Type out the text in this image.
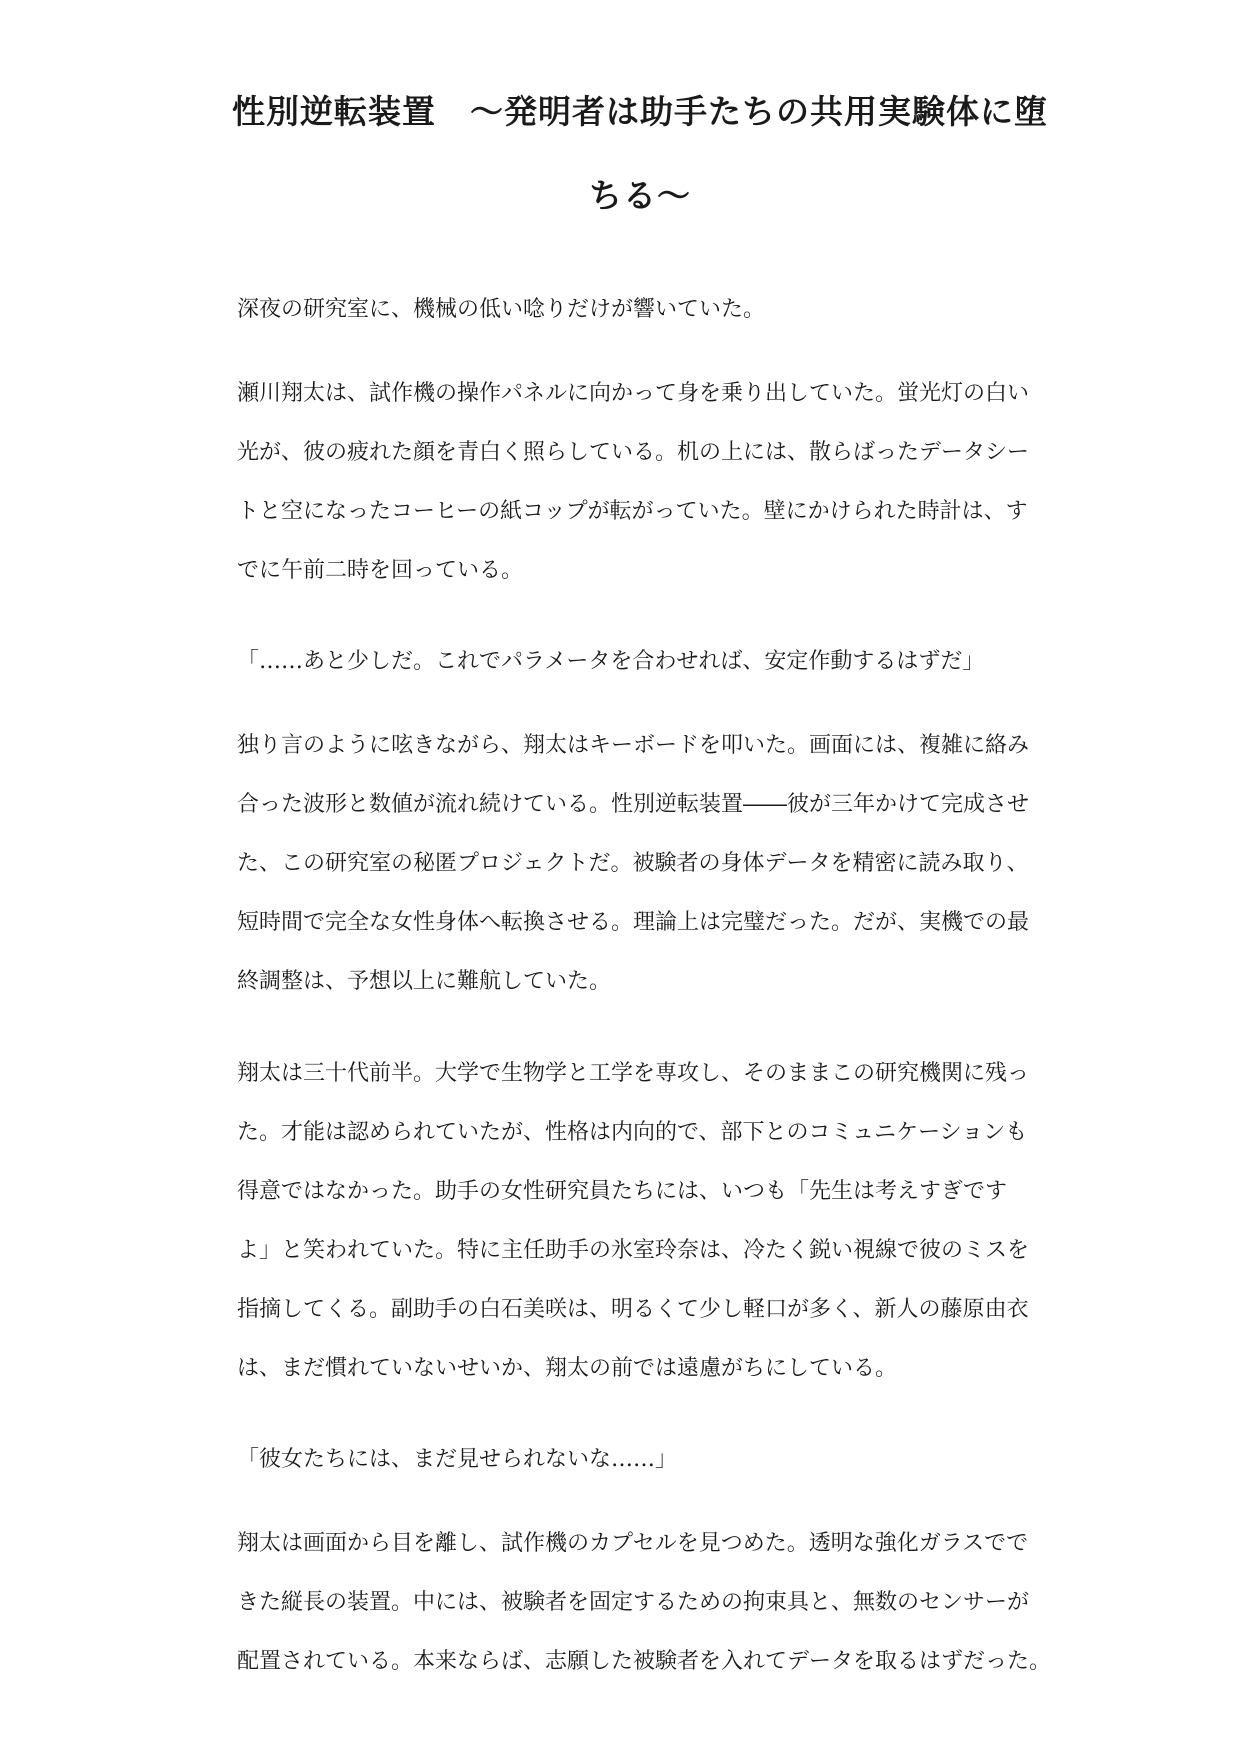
性別逆転装置　～発明者は助手たちの共用実験体に堕
ちる～

深夜の研究室に、機械の低い唸りだけが響いていた。

瀬川翔太は、試作機の操作パネルに向かって身を乗り出していた。蛍光灯の白い
光が、彼の疲れた顔を青白く照らしている。机の上には、散らばったデータシー
トと空になったコーヒーの紙コップが転がっていた。壁にかけられた時計は、す
でに午前二時を回っている。

「……あと少しだ。これでパラメータを合わせれば、安定作動するはずだ」

独り言のように呟きながら、翔太はキーボードを叩いた。画面には、複雑に絡み
合った波形と数値が流れ続けている。性別逆転装置――彼が三年かけて完成させ
た、この研究室の秘匿プロジェクトだ。被験者の身体データを精密に読み取り、
短時間で完全な女性身体へ転換させる。理論上は完璧だった。だが、実機での最
終調整は、予想以上に難航していた。

翔太は三十代前半。大学で生物学と工学を専攻し、そのままこの研究機関に残っ
た。才能は認められていたが、性格は内向的で、部下とのコミュニケーションも
得意ではなかった。助手の女性研究員たちには、いつも「先生は考えすぎです
よ」と笑われていた。特に主任助手の氷室玲奈は、冷たく鋭い視線で彼のミスを
指摘してくる。副助手の白石美咲は、明るくて少し軽口が多く、新人の藤原由衣
は、まだ慣れていないせいか、翔太の前では遠慮がちにしている。

「彼女たちには、まだ見せられないな……」

翔太は画面から目を離し、試作機のカプセルを見つめた。透明な強化ガラスでで
きた縦長の装置。中には、被験者を固定するための拘束具と、無数のセンサーが
配置されている。本来ならば、志願した被験者を入れてデータを取るはずだった。
